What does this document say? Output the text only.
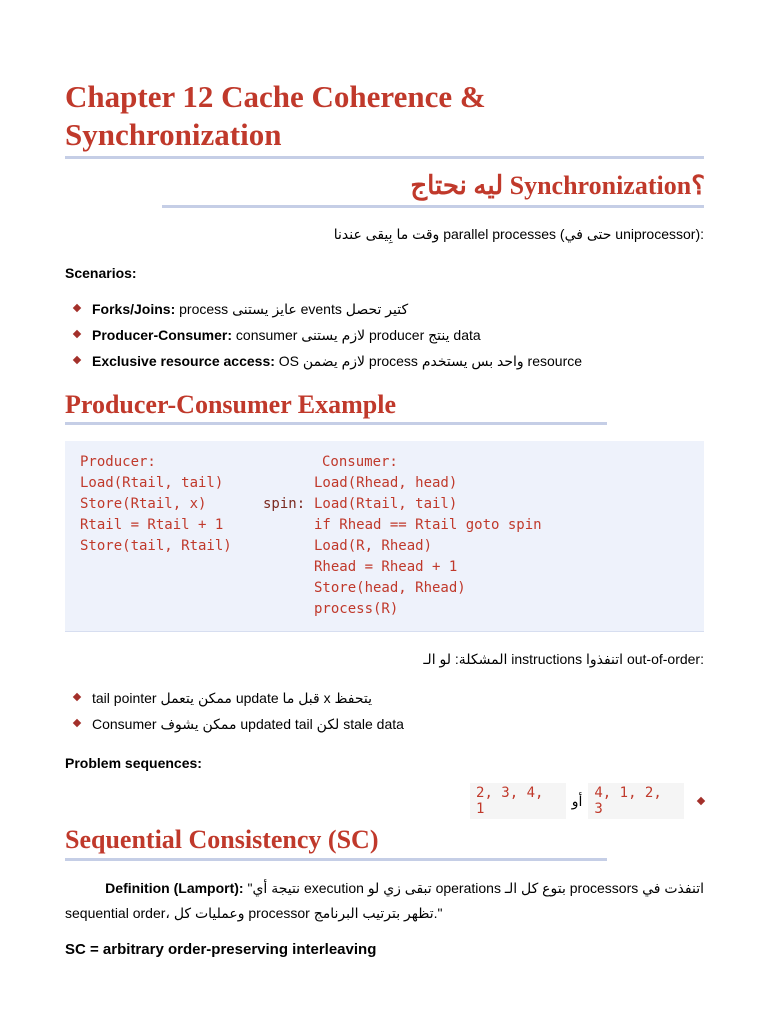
Chapter 12 Cache Coherence & Synchronization
ليه نحتاج Synchronization؟
وقت ما بِيقى عندنا parallel processes (حتى في uniprocessor):
Scenarios:
Forks/Joins: process عايز يستنى events كتير تحصل
Producer-Consumer: consumer لازم يستنى producer ينتج data
Exclusive resource access: OS لازم يضمن process واحد بس يستخدم resource
Producer-Consumer Example
Producer:
Load(Rtail, tail)
Store(Rtail, x)
Rtail = Rtail + 1
Store(tail, Rtail)
Consumer:
spin:
Load(Rhead, head)
Load(Rtail, tail)
if Rhead == Rtail goto spin
Load(R, Rhead)
Rhead = Rhead + 1
Store(head, Rhead)
process(R)
المشكلة: لو الـ instructions اتنفذوا out-of-order:
tail pointer ممكن يتعمل update قبل ما x يتحفظ
Consumer ممكن يشوف updated tail لكن stale data
Problem sequences:
2, 3, 4, 1	أو 4, 1, 2, 3
Sequential Consistency (SC)
Definition (Lamport): "نتيجة أي execution تبقى زي لو operations بتوع كل الـ processors اتنفذت في
sequential order، وعمليات كل processor تظهر بترتيب البرنامج."
SC = arbitrary order-preserving interleaving
